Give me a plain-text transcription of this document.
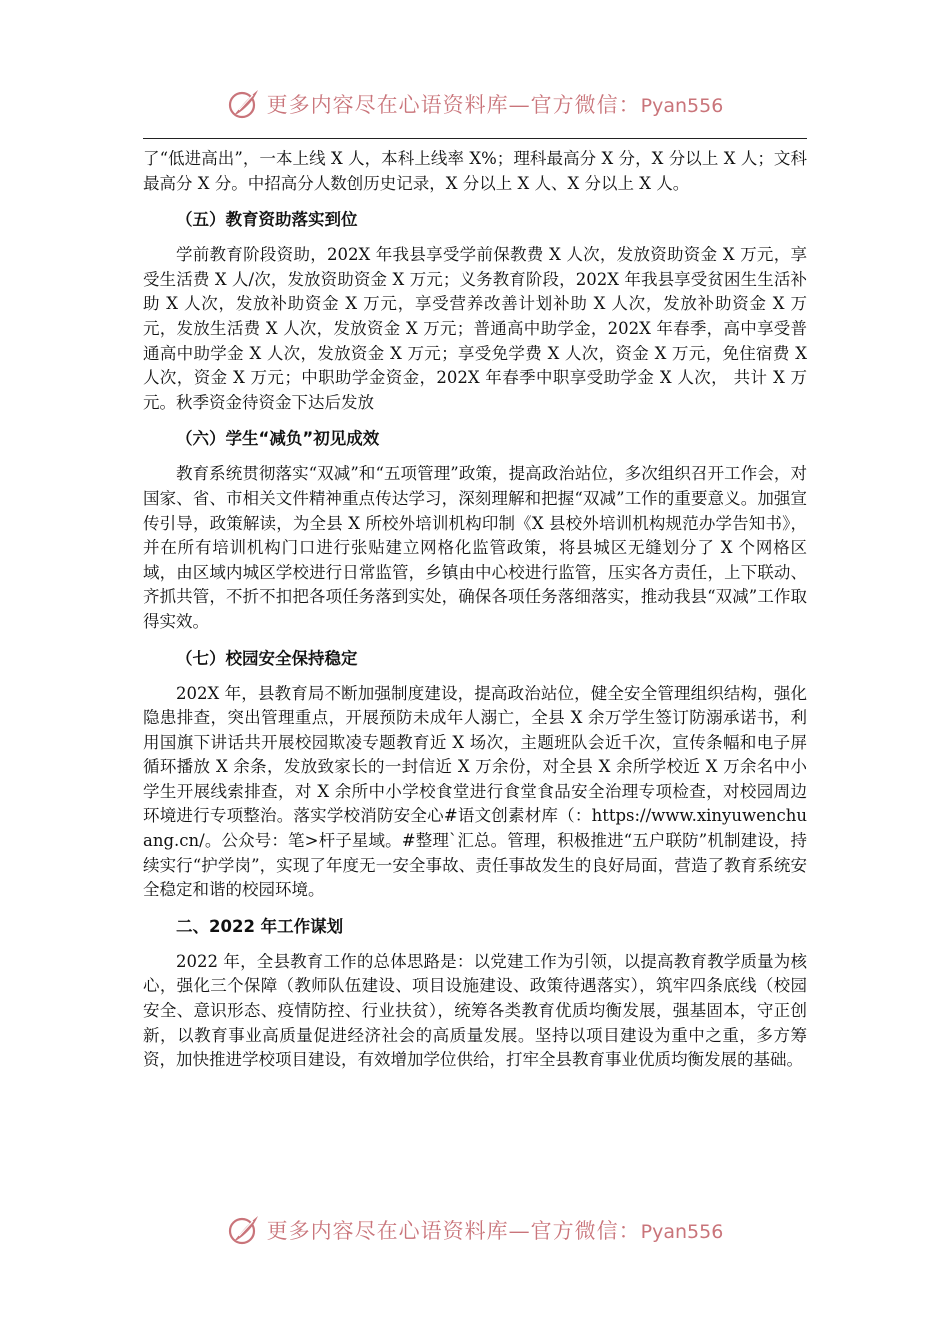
更多内容尽在心语资料库—官方微信：Pyan556

了“低进高出”，一本上线 X 人，本科上线率 X%；理科最高分 X 分，X 分以上 X 人；文科最高分 X 分。中招高分人数创历史记录，X 分以上 X 人、X 分以上 X 人。

（五）教育资助落实到位

学前教育阶段资助，202X 年我县享受学前保教费 X 人次，发放资助资金 X 万元，享受生活费 X 人/次，发放资助资金 X 万元；义务教育阶段，202X 年我县享受贫困生生活补助 X 人次，发放补助资金 X 万元，享受营养改善计划补助 X 人次，发放补助资金 X 万元，发放生活费 X 人次，发放资金 X 万元；普通高中助学金，202X 年春季，高中享受普通高中助学金 X 人次，发放资金 X 万元；享受免学费 X 人次，资金 X 万元，免住宿费 X 人次，资金 X 万元；中职助学金资金，202X 年春季中职享受助学金 X 人次， 共计 X 万元。秋季资金待资金下达后发放

（六）学生“减负”初见成效

教育系统贯彻落实“双减”和“五项管理”政策，提高政治站位，多次组织召开工作会，对国家、省、市相关文件精神重点传达学习，深刻理解和把握“双减”工作的重要意义。加强宣传引导，政策解读，为全县 X 所校外培训机构印制《X 县校外培训机构规范办学告知书》，并在所有培训机构门口进行张贴建立网格化监管政策，将县城区无缝划分了 X 个网格区域，由区域内城区学校进行日常监管，乡镇由中心校进行监管，压实各方责任，上下联动、齐抓共管，不折不扣把各项任务落到实处，确保各项任务落细落实，推动我县“双减”工作取得实效。

（七）校园安全保持稳定

202X 年，县教育局不断加强制度建设，提高政治站位，健全安全管理组织结构，强化隐患排查，突出管理重点，开展预防未成年人溺亡，全县 X 余万学生签订防溺承诺书，利用国旗下讲话共开展校园欺凌专题教育近 X 场次，主题班队会近千次，宣传条幅和电子屏循环播放 X 余条，发放致家长的一封信近 X 万余份，对全县 X 余所学校近 X 万余名中小学生开展线索排查，对 X 余所中小学校食堂进行食堂食品安全治理专项检查，对校园周边环境进行专项整治。落实学校消防安全心#语文创素材库（：https://www.xinyuwenchuang.cn/。公众号：笔>杆子星域。#整理`汇总。管理，积极推进“五户联防”机制建设，持续实行“护学岗”，实现了年度无一安全事故、责任事故发生的良好局面，营造了教育系统安全稳定和谐的校园环境。

二、2022 年工作谋划

2022 年，全县教育工作的总体思路是：以党建工作为引领，以提高教育教学质量为核心，强化三个保障（教师队伍建设、项目设施建设、政策待遇落实），筑牢四条底线（校园安全、意识形态、疫情防控、行业扶贫），统筹各类教育优质均衡发展，强基固本，守正创新，以教育事业高质量促进经济社会的高质量发展。坚持以项目建设为重中之重，多方筹资，加快推进学校项目建设，有效增加学位供给，打牢全县教育事业优质均衡发展的基础。

更多内容尽在心语资料库—官方微信：Pyan556
